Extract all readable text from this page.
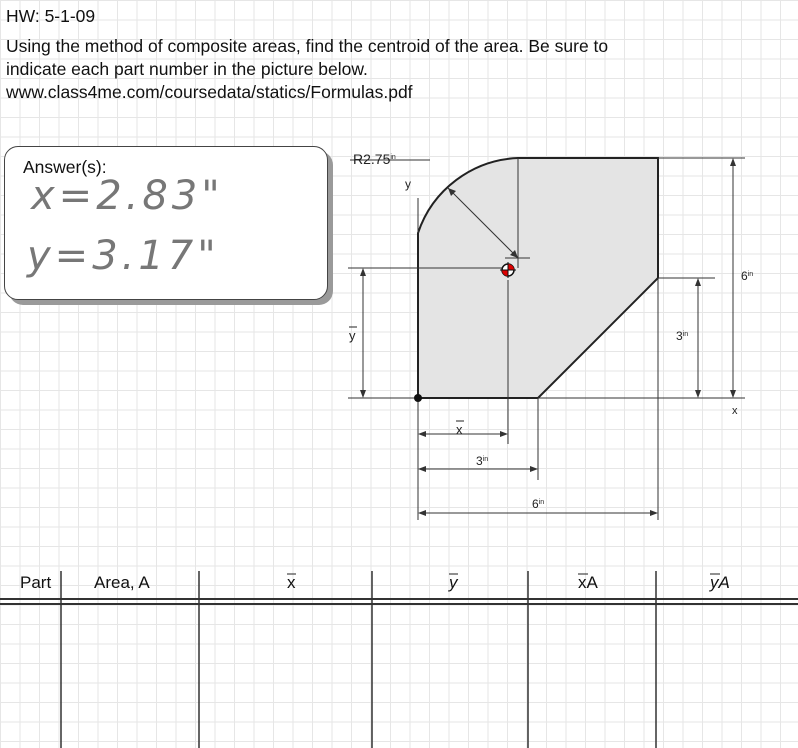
HW: 5-1-09
Using the method of composite areas, find the centroid of the area. Be sure to
indicate each part number in the picture below.
www.class4me.com/coursedata/statics/Formulas.pdf
Answer(s):
x=2.83"
y=3.17"
$R2.75^{in}$
y
x
y
x
$3^{in}$
$6^{in}$
$3^{in}$
$6^{in}$
Part	Area, A	x	y	xA	yA
